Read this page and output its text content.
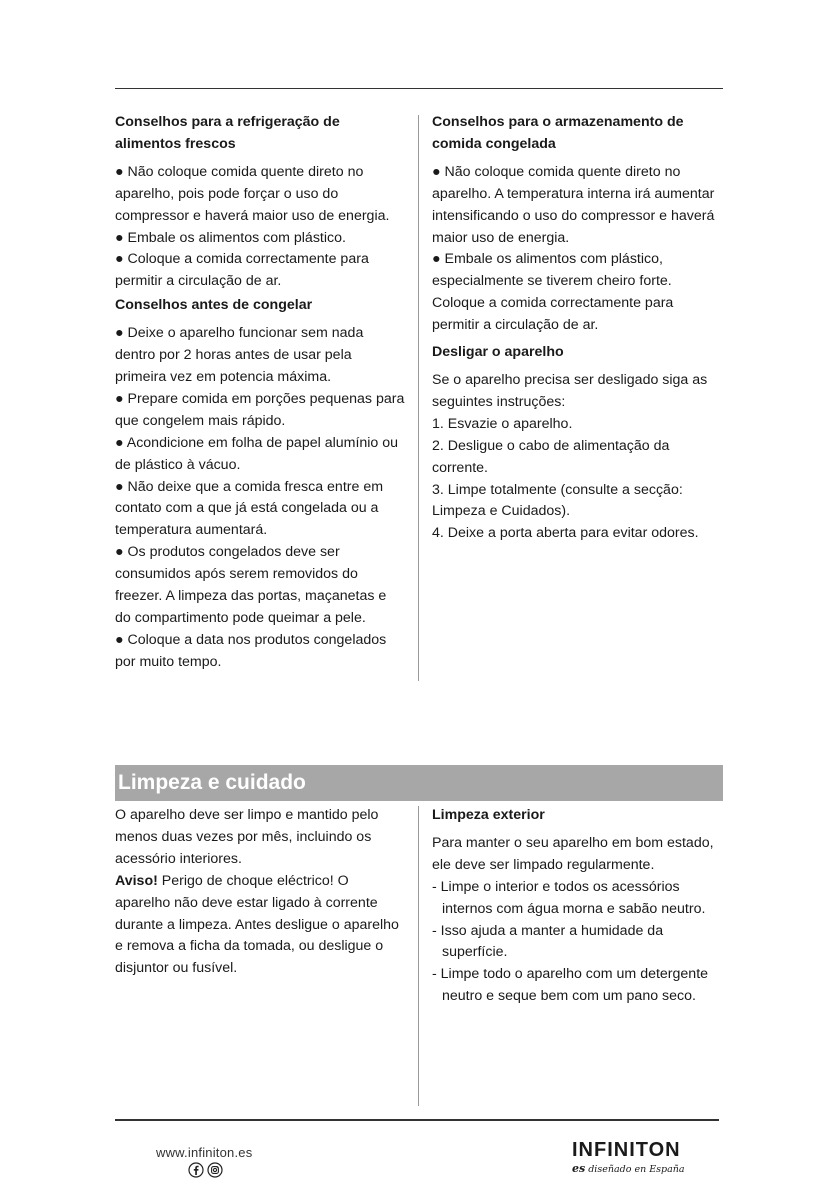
Conselhos para a refrigeração de alimentos frescos

● Não coloque comida quente direto no aparelho, pois pode forçar o uso do compressor e haverá maior uso de energia.

● Embale os alimentos com plástico.

● Coloque a comida correctamente para permitir a circulação de ar.

Conselhos antes de congelar

● Deixe o aparelho funcionar sem nada dentro por 2 horas antes de usar pela primeira vez em potencia máxima.

● Prepare comida em porções pequenas para que congelem mais rápido.

● Acondicione em folha de papel alumínio ou de plástico à vácuo.

● Não deixe que a comida fresca entre em contato com a que já está congelada ou a temperatura aumentará.

● Os produtos congelados deve ser consumidos após serem removidos do freezer. A limpeza das portas, maçanetas e do compartimento pode queimar a pele.

● Coloque a data nos produtos congelados por muito tempo.

Conselhos para o armazenamento de comida congelada

● Não coloque comida quente direto no aparelho. A temperatura interna irá aumentar intensificando o uso do compressor e haverá maior uso de energia.

● Embale os alimentos com plástico, especialmente se tiverem cheiro forte. Coloque a comida correctamente para permitir a circulação de ar.

Desligar o aparelho

Se o aparelho precisa ser desligado siga as seguintes instruções:

1. Esvazie o aparelho.

2. Desligue o cabo de alimentação da corrente.

3. Limpe totalmente (consulte a secção: Limpeza e Cuidados).

4. Deixe a porta aberta para evitar odores.

Limpeza e cuidado

O aparelho deve ser limpo e mantido pelo menos duas vezes por mês, incluindo os acessório interiores.

Aviso! Perigo de choque eléctrico! O aparelho não deve estar ligado à corrente durante a limpeza. Antes desligue o aparelho e remova a ficha da tomada, ou desligue o disjuntor ou fusível.

Limpeza exterior

Para manter o seu aparelho em bom estado, ele deve ser limpado regularmente.

- Limpe o interior e todos os acessórios internos com água morna e sabão neutro.

- Isso ajuda a manter a humidade da superfície.

- Limpe todo o aparelho com um detergente neutro e seque bem com um pano seco.

www.infiniton.es	INFINITON
es diseñado en España
